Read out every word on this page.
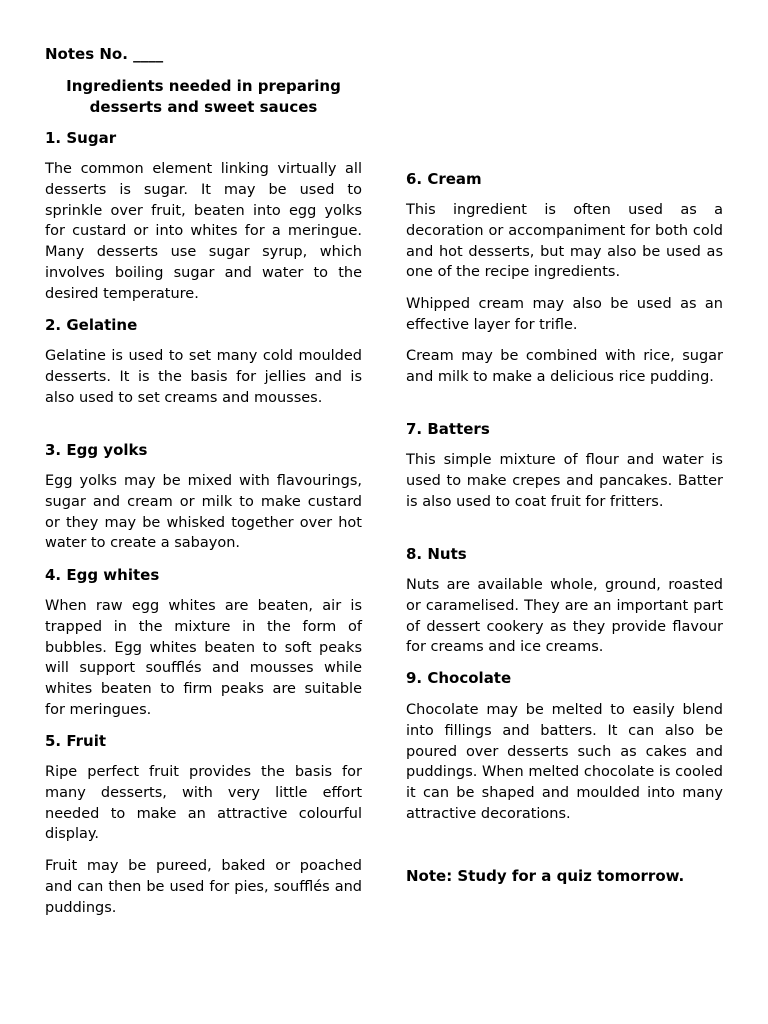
Notes No. ____
Ingredients needed in preparing desserts and sweet sauces
1. Sugar
The common element linking virtually all desserts is sugar. It may be used to sprinkle over fruit, beaten into egg yolks for custard or into whites for a meringue. Many desserts use sugar syrup, which involves boiling sugar and water to the desired temperature.
2. Gelatine
Gelatine is used to set many cold moulded desserts. It is the basis for jellies and is also used to set creams and mousses.
3. Egg yolks
Egg yolks may be mixed with flavourings, sugar and cream or milk to make custard or they may be whisked together over hot water to create a sabayon.
4. Egg whites
When raw egg whites are beaten, air is trapped in the mixture in the form of bubbles. Egg whites beaten to soft peaks will support soufflés and mousses while whites beaten to firm peaks are suitable for meringues.
5. Fruit
Ripe perfect fruit provides the basis for many desserts, with very little effort needed to make an attractive colourful display.
Fruit may be pureed, baked or poached and can then be used for pies, soufflés and puddings.
6. Cream
This ingredient is often used as a decoration or accompaniment for both cold and hot desserts, but may also be used as one of the recipe ingredients.
Whipped cream may also be used as an effective layer for trifle.
Cream may be combined with rice, sugar and milk to make a delicious rice pudding.
7. Batters
This simple mixture of flour and water is used to make crepes and pancakes. Batter is also used to coat fruit for fritters.
8. Nuts
Nuts are available whole, ground, roasted or caramelised. They are an important part of dessert cookery as they provide flavour for creams and ice creams.
9. Chocolate
Chocolate may be melted to easily blend into fillings and batters. It can also be poured over desserts such as cakes and puddings. When melted chocolate is cooled it can be shaped and moulded into many attractive decorations.
Note: Study for a quiz tomorrow.
